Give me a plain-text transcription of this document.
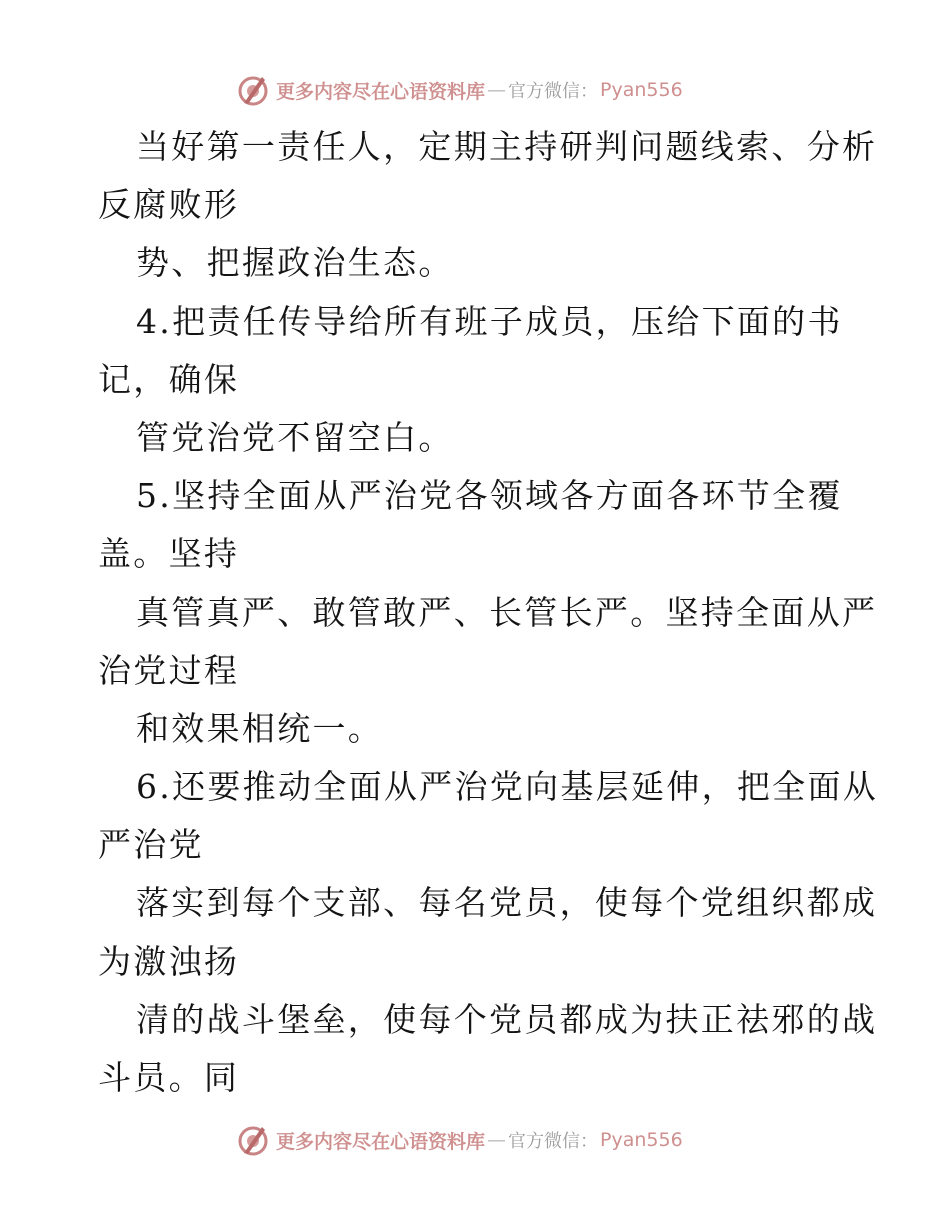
更多内容尽在心语资料库 — 官方微信： Pyan556
当好第一责任人，定期主持研判问题线索、分析
反腐败形
势、把握政治生态。
4.把责任传导给所有班子成员，压给下面的书
记，确保
管党治党不留空白。
5.坚持全面从严治党各领域各方面各环节全覆
盖。坚持
真管真严、敢管敢严、长管长严。坚持全面从严
治党过程
和效果相统一。
6.还要推动全面从严治党向基层延伸，把全面从
严治党
落实到每个支部、每名党员，使每个党组织都成
为激浊扬
清的战斗堡垒，使每个党员都成为扶正祛邪的战
斗员。同
更多内容尽在心语资料库 — 官方微信： Pyan556
